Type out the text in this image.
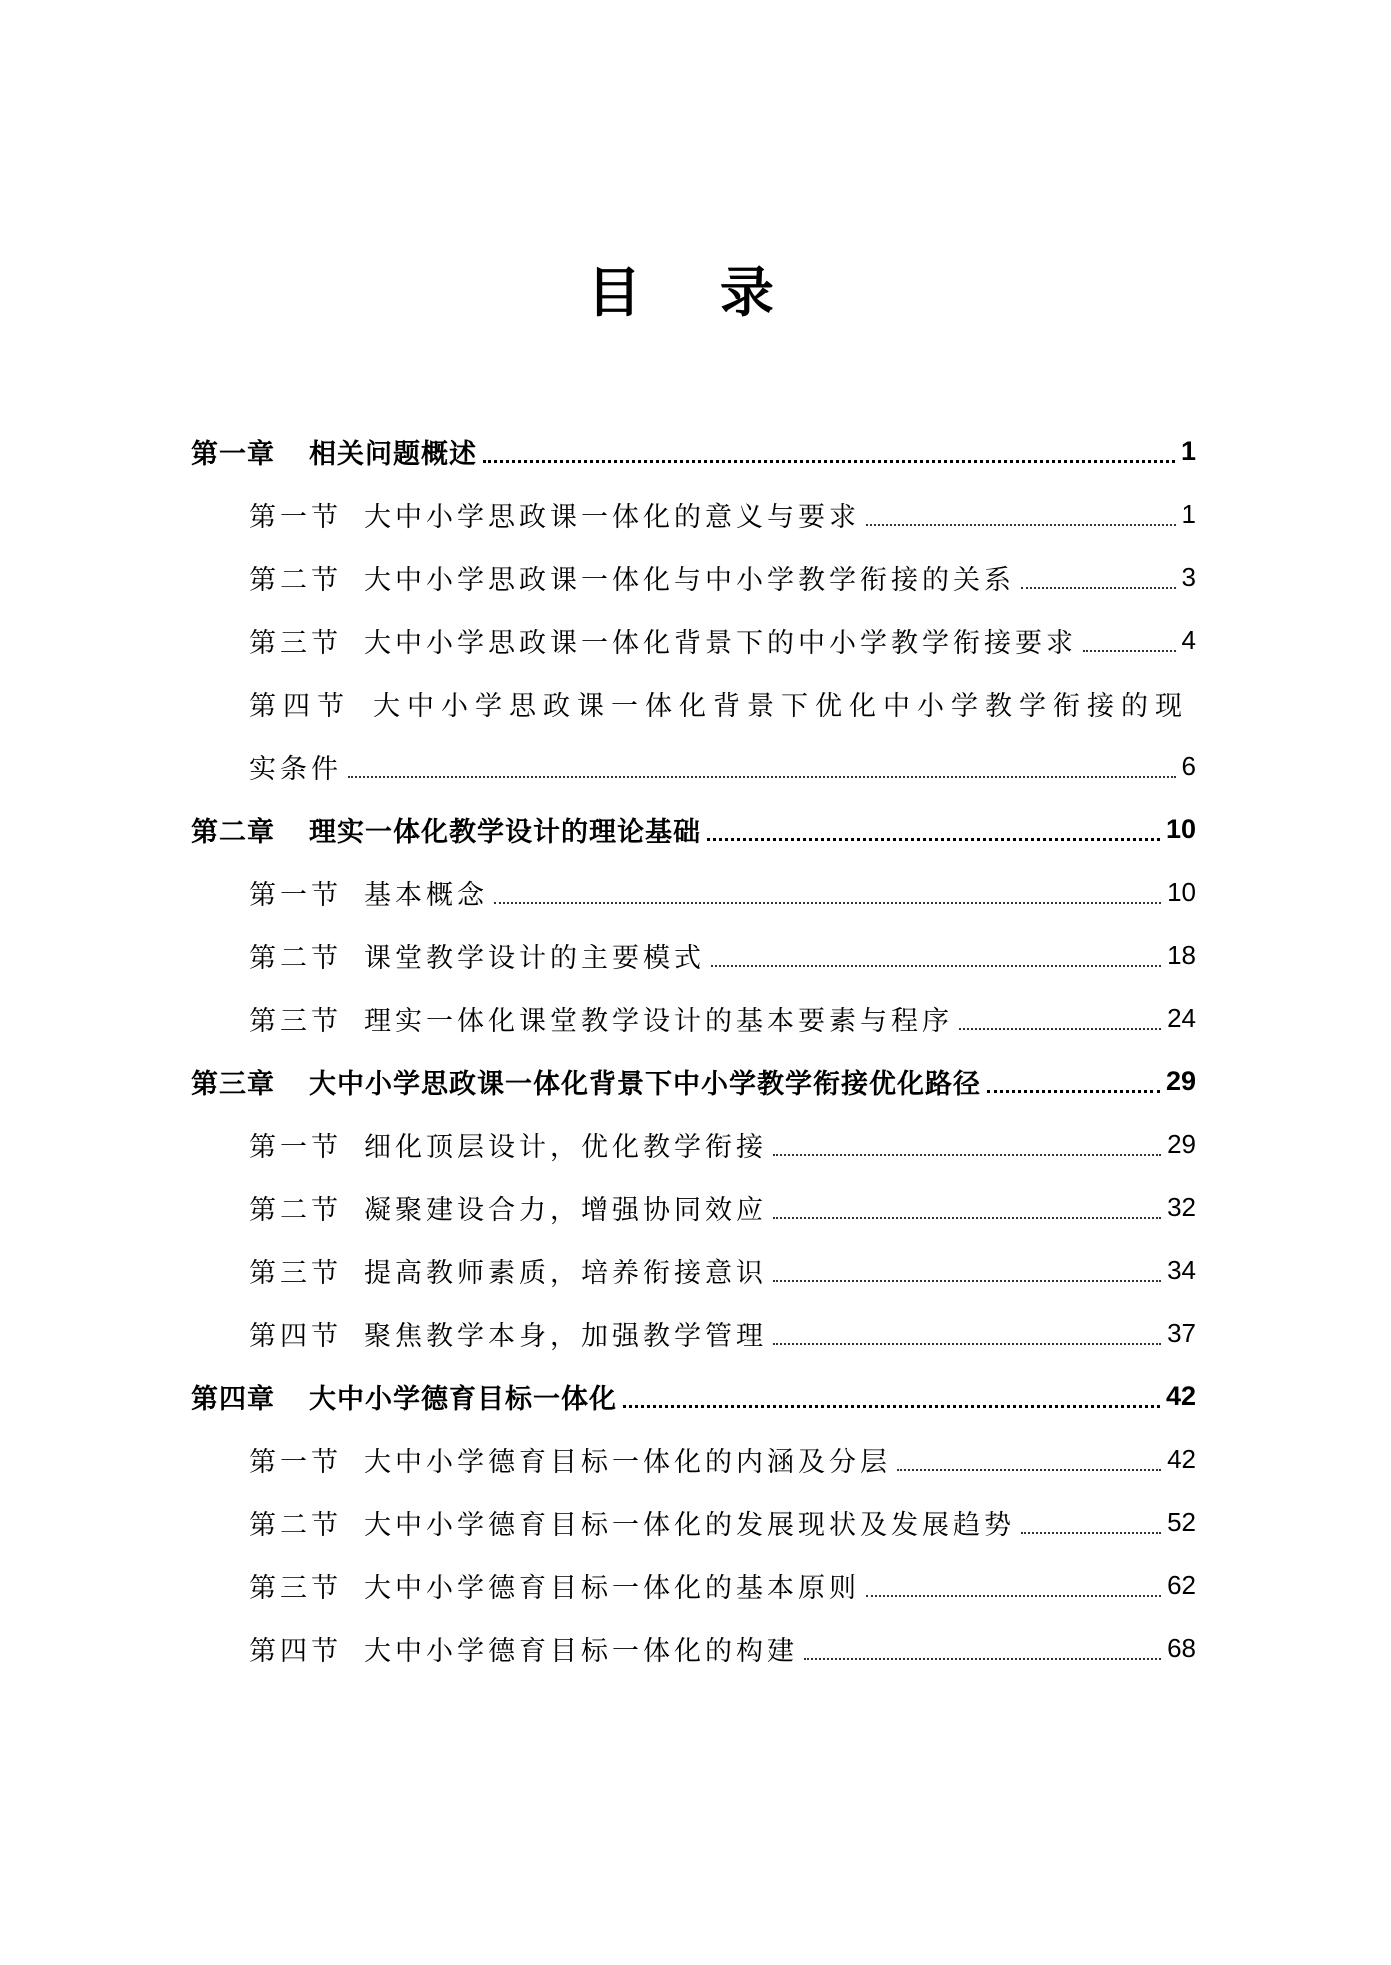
目 录
第一章 相关问题概述	1
第一节 大中小学思政课一体化的意义与要求	1
第二节 大中小学思政课一体化与中小学教学衔接的关系	3
第三节 大中小学思政课一体化背景下的中小学教学衔接要求	4
第四节 大中小学思政课一体化背景下优化中小学教学衔接的现
实条件	6
第二章 理实一体化教学设计的理论基础	10
第一节 基本概念	10
第二节 课堂教学设计的主要模式	18
第三节 理实一体化课堂教学设计的基本要素与程序	24
第三章 大中小学思政课一体化背景下中小学教学衔接优化路径	29
第一节 细化顶层设计，优化教学衔接	29
第二节 凝聚建设合力，增强协同效应	32
第三节 提高教师素质，培养衔接意识	34
第四节 聚焦教学本身，加强教学管理	37
第四章 大中小学德育目标一体化	42
第一节 大中小学德育目标一体化的内涵及分层	42
第二节 大中小学德育目标一体化的发展现状及发展趋势	52
第三节 大中小学德育目标一体化的基本原则	62
第四节 大中小学德育目标一体化的构建	68
